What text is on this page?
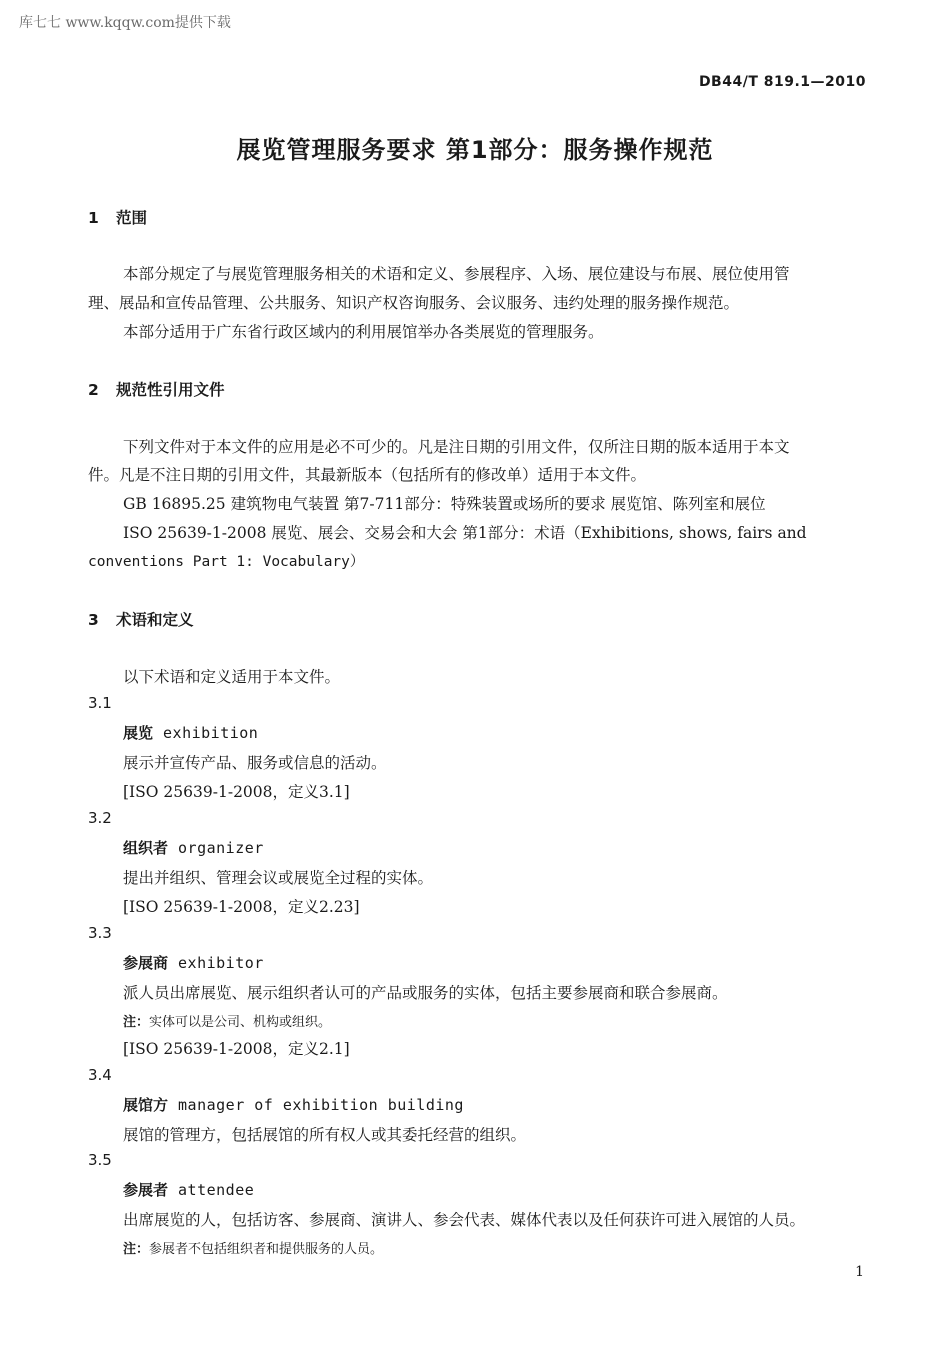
库七七 www.kqqw.com提供下载
DB44/T 819.1—2010
展览管理服务要求 第1部分：服务操作规范
1 范围
本部分规定了与展览管理服务相关的术语和定义、参展程序、入场、展位建设与布展、展位使用管
理、展品和宣传品管理、公共服务、知识产权咨询服务、会议服务、违约处理的服务操作规范。
本部分适用于广东省行政区域内的利用展馆举办各类展览的管理服务。
2 规范性引用文件
下列文件对于本文件的应用是必不可少的。凡是注日期的引用文件，仅所注日期的版本适用于本文
件。凡是不注日期的引用文件，其最新版本（包括所有的修改单）适用于本文件。
GB 16895.25 建筑物电气装置 第7-711部分：特殊装置或场所的要求 展览馆、陈列室和展位
ISO 25639-1-2008 展览、展会、交易会和大会 第1部分：术语（Exhibitions, shows, fairs and
conventions Part 1: Vocabulary）
3 术语和定义
以下术语和定义适用于本文件。
3.1
展览 exhibition
展示并宣传产品、服务或信息的活动。
[ISO 25639-1-2008，定义3.1]
3.2
组织者 organizer
提出并组织、管理会议或展览全过程的实体。
[ISO 25639-1-2008，定义2.23]
3.3
参展商 exhibitor
派人员出席展览、展示组织者认可的产品或服务的实体，包括主要参展商和联合参展商。
注：实体可以是公司、机构或组织。
[ISO 25639-1-2008，定义2.1]
3.4
展馆方 manager of exhibition building
展馆的管理方，包括展馆的所有权人或其委托经营的组织。
3.5
参展者 attendee
出席展览的人，包括访客、参展商、演讲人、参会代表、媒体代表以及任何获许可进入展馆的人员。
注：参展者不包括组织者和提供服务的人员。
1
